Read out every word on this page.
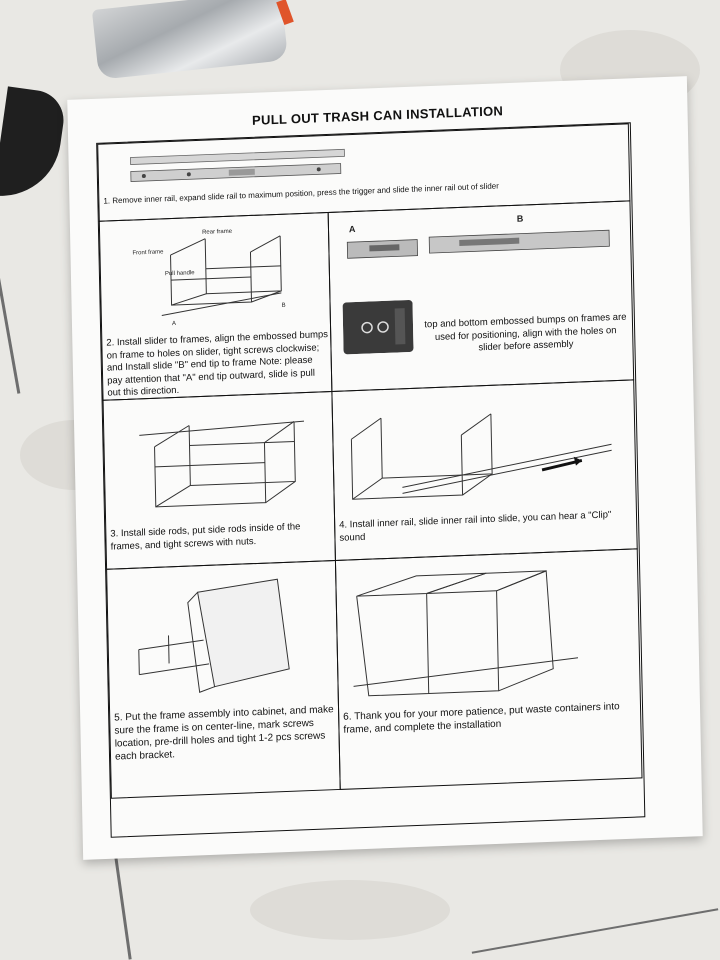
PULL OUT TRASH CAN INSTALLATION
1. Remove inner rail, expand slide rail to maximum position, press the trigger and slide the inner rail out of slider
Rear frame
Front frame
Pull handle
A
B
2. Install slider to frames, align the embossed bumps on frame to holes on slider, tight screws clockwise; and Install slide "B" end tip to frame Note: please pay attention that "A" end tip outward, slide is pull out this direction.
A
B
top and bottom embossed bumps on frames are used for positioning, align with the holes on slider before assembly
3. Install side rods, put side rods inside of the frames, and tight screws with nuts.
4. Install inner rail, slide inner rail into slide, you can hear a "Clip" sound
5. Put the frame assembly into cabinet, and make sure the frame is on center-line, mark screws location, pre-drill holes and tight 1-2 pcs screws each bracket.
6. Thank you for your more patience, put waste containers into frame, and complete the installation
